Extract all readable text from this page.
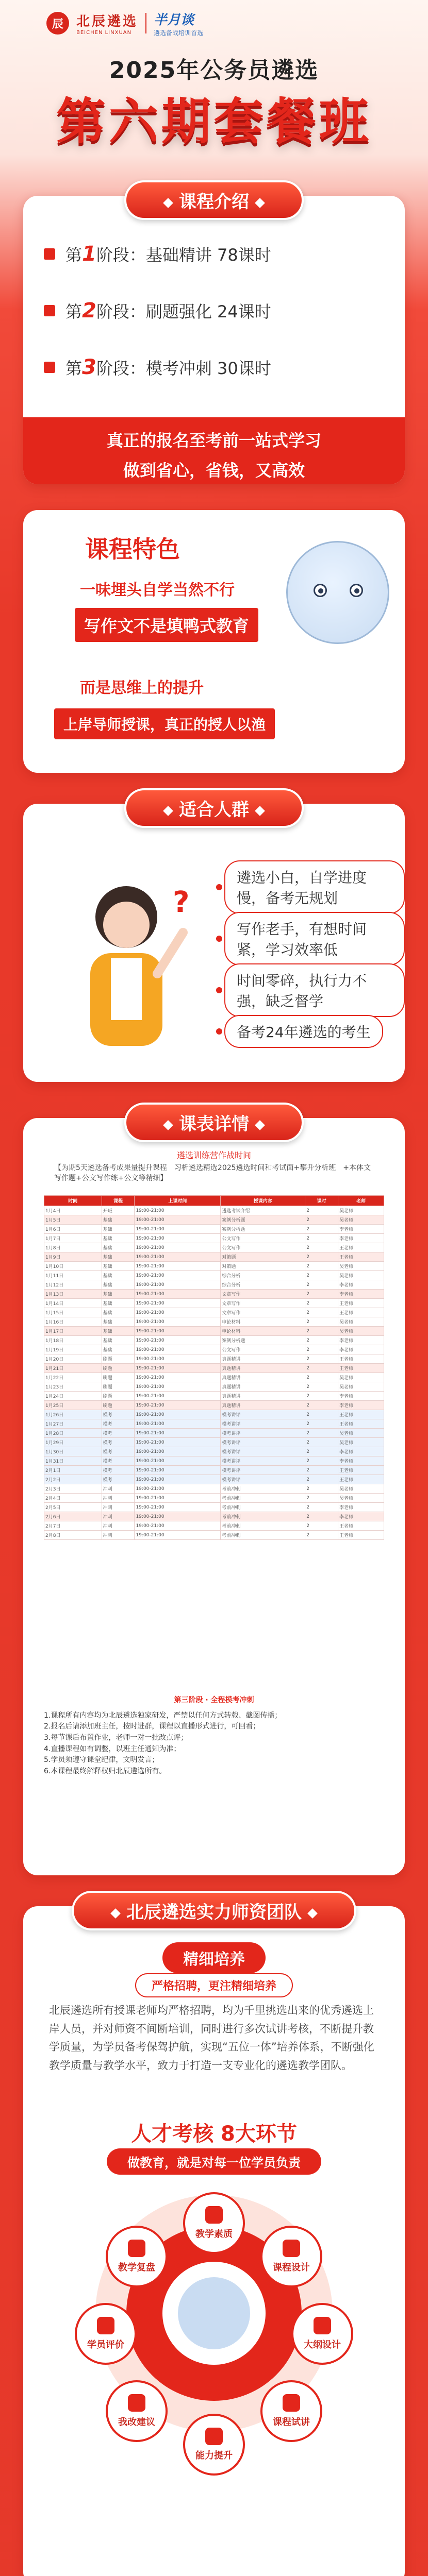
辰 北辰遴选
BEICHEN LINXUAN
半月谈
遴选备战培训首选
2025年公务员遴选
第六期套餐班
课程介绍
第 1 阶段： 基础精讲 78课时
第 2 阶段： 刷题强化 24课时
第 3 阶段： 模考冲刺 30课时
真正的报名至考前一站式学习
做到省心，省钱，又高效
课程特色
一味埋头自学当然不行
写作文不是填鸭式教育
而是思维上的提升
上岸导师授课，真正的授人以渔
适合人群
?
遴选小白，自学进度慢，备考无规划
写作老手，有想时间紧，学习效率低
时间零碎，执行力不强，缺乏督学
备考24年遴选的考生
课表详情
遴选训练营作战时间
【为期5天遴选备考成果量提升课程　习析遴选精选2025遴选时间和考试面+攀升分析班　+本体文写作题+公文写作练+公文等精细】
时间	课程	上课时间	授课内容	课时	老师
1月4日	开班	19:00-21:00	遴选考试介绍	2	吴老师
1月5日	基础	19:00-21:00	案例分析题	2	吴老师
1月6日	基础	19:00-21:00	案例分析题	2	李老师
1月7日	基础	19:00-21:00	公文写作	2	李老师
1月8日	基础	19:00-21:00	公文写作	2	王老师
1月9日	基础	19:00-21:00	对策题	2	王老师
1月10日	基础	19:00-21:00	对策题	2	吴老师
1月11日	基础	19:00-21:00	综合分析	2	吴老师
1月12日	基础	19:00-21:00	综合分析	2	李老师
1月13日	基础	19:00-21:00	文章写作	2	李老师
1月14日	基础	19:00-21:00	文章写作	2	王老师
1月15日	基础	19:00-21:00	文章写作	2	王老师
1月16日	基础	19:00-21:00	申论材料	2	吴老师
1月17日	基础	19:00-21:00	申论材料	2	吴老师
1月18日	基础	19:00-21:00	案例分析题	2	李老师
1月19日	基础	19:00-21:00	公文写作	2	李老师
1月20日	刷题	19:00-21:00	真题精讲	2	王老师
1月21日	刷题	19:00-21:00	真题精讲	2	王老师
1月22日	刷题	19:00-21:00	真题精讲	2	吴老师
1月23日	刷题	19:00-21:00	真题精讲	2	吴老师
1月24日	刷题	19:00-21:00	真题精讲	2	李老师
1月25日	刷题	19:00-21:00	真题精讲	2	李老师
1月26日	模考	19:00-21:00	模考讲评	2	王老师
1月27日	模考	19:00-21:00	模考讲评	2	王老师
1月28日	模考	19:00-21:00	模考讲评	2	吴老师
1月29日	模考	19:00-21:00	模考讲评	2	吴老师
1月30日	模考	19:00-21:00	模考讲评	2	李老师
1月31日	模考	19:00-21:00	模考讲评	2	李老师
2月1日	模考	19:00-21:00	模考讲评	2	王老师
2月2日	模考	19:00-21:00	模考讲评	2	王老师
2月3日	冲刺	19:00-21:00	考前冲刺	2	吴老师
2月4日	冲刺	19:00-21:00	考前冲刺	2	吴老师
2月5日	冲刺	19:00-21:00	考前冲刺	2	李老师
2月6日	冲刺	19:00-21:00	考前冲刺	2	李老师
2月7日	冲刺	19:00-21:00	考前冲刺	2	王老师
2月8日	冲刺	19:00-21:00	考前冲刺	2	王老师
第三阶段 · 全程模考冲刺
1.课程所有内容均为北辰遴选独家研发，严禁以任何方式转载、截图传播；
2.报名后请添加班主任，按时进群，课程以直播形式进行，可回看；
3.每节课后布置作业，老师一对一批改点评；
4.直播课程如有调整，以班主任通知为准；
5.学员须遵守课堂纪律，文明发言；
6.本课程最终解释权归北辰遴选所有。
北辰遴选实力师资团队
精细培养
严格招聘，更注精细培养
北辰遴选所有授课老师均严格招聘，均为千里挑选出来的优秀遴选上岸人员，并对师资不间断培训，同时进行多次试讲考核，不断提升教学质量，为学员备考保驾护航，实现“五位一体”培养体系，不断强化教学质量与教学水平，致力于打造一支专业化的遴选教学团队。
人才考核 8大环节
做教育，就是对每一位学员负责
教学素质
课程设计
教学复盘
大纲设计
学员评价
课程试讲
我改建议
能力提升
